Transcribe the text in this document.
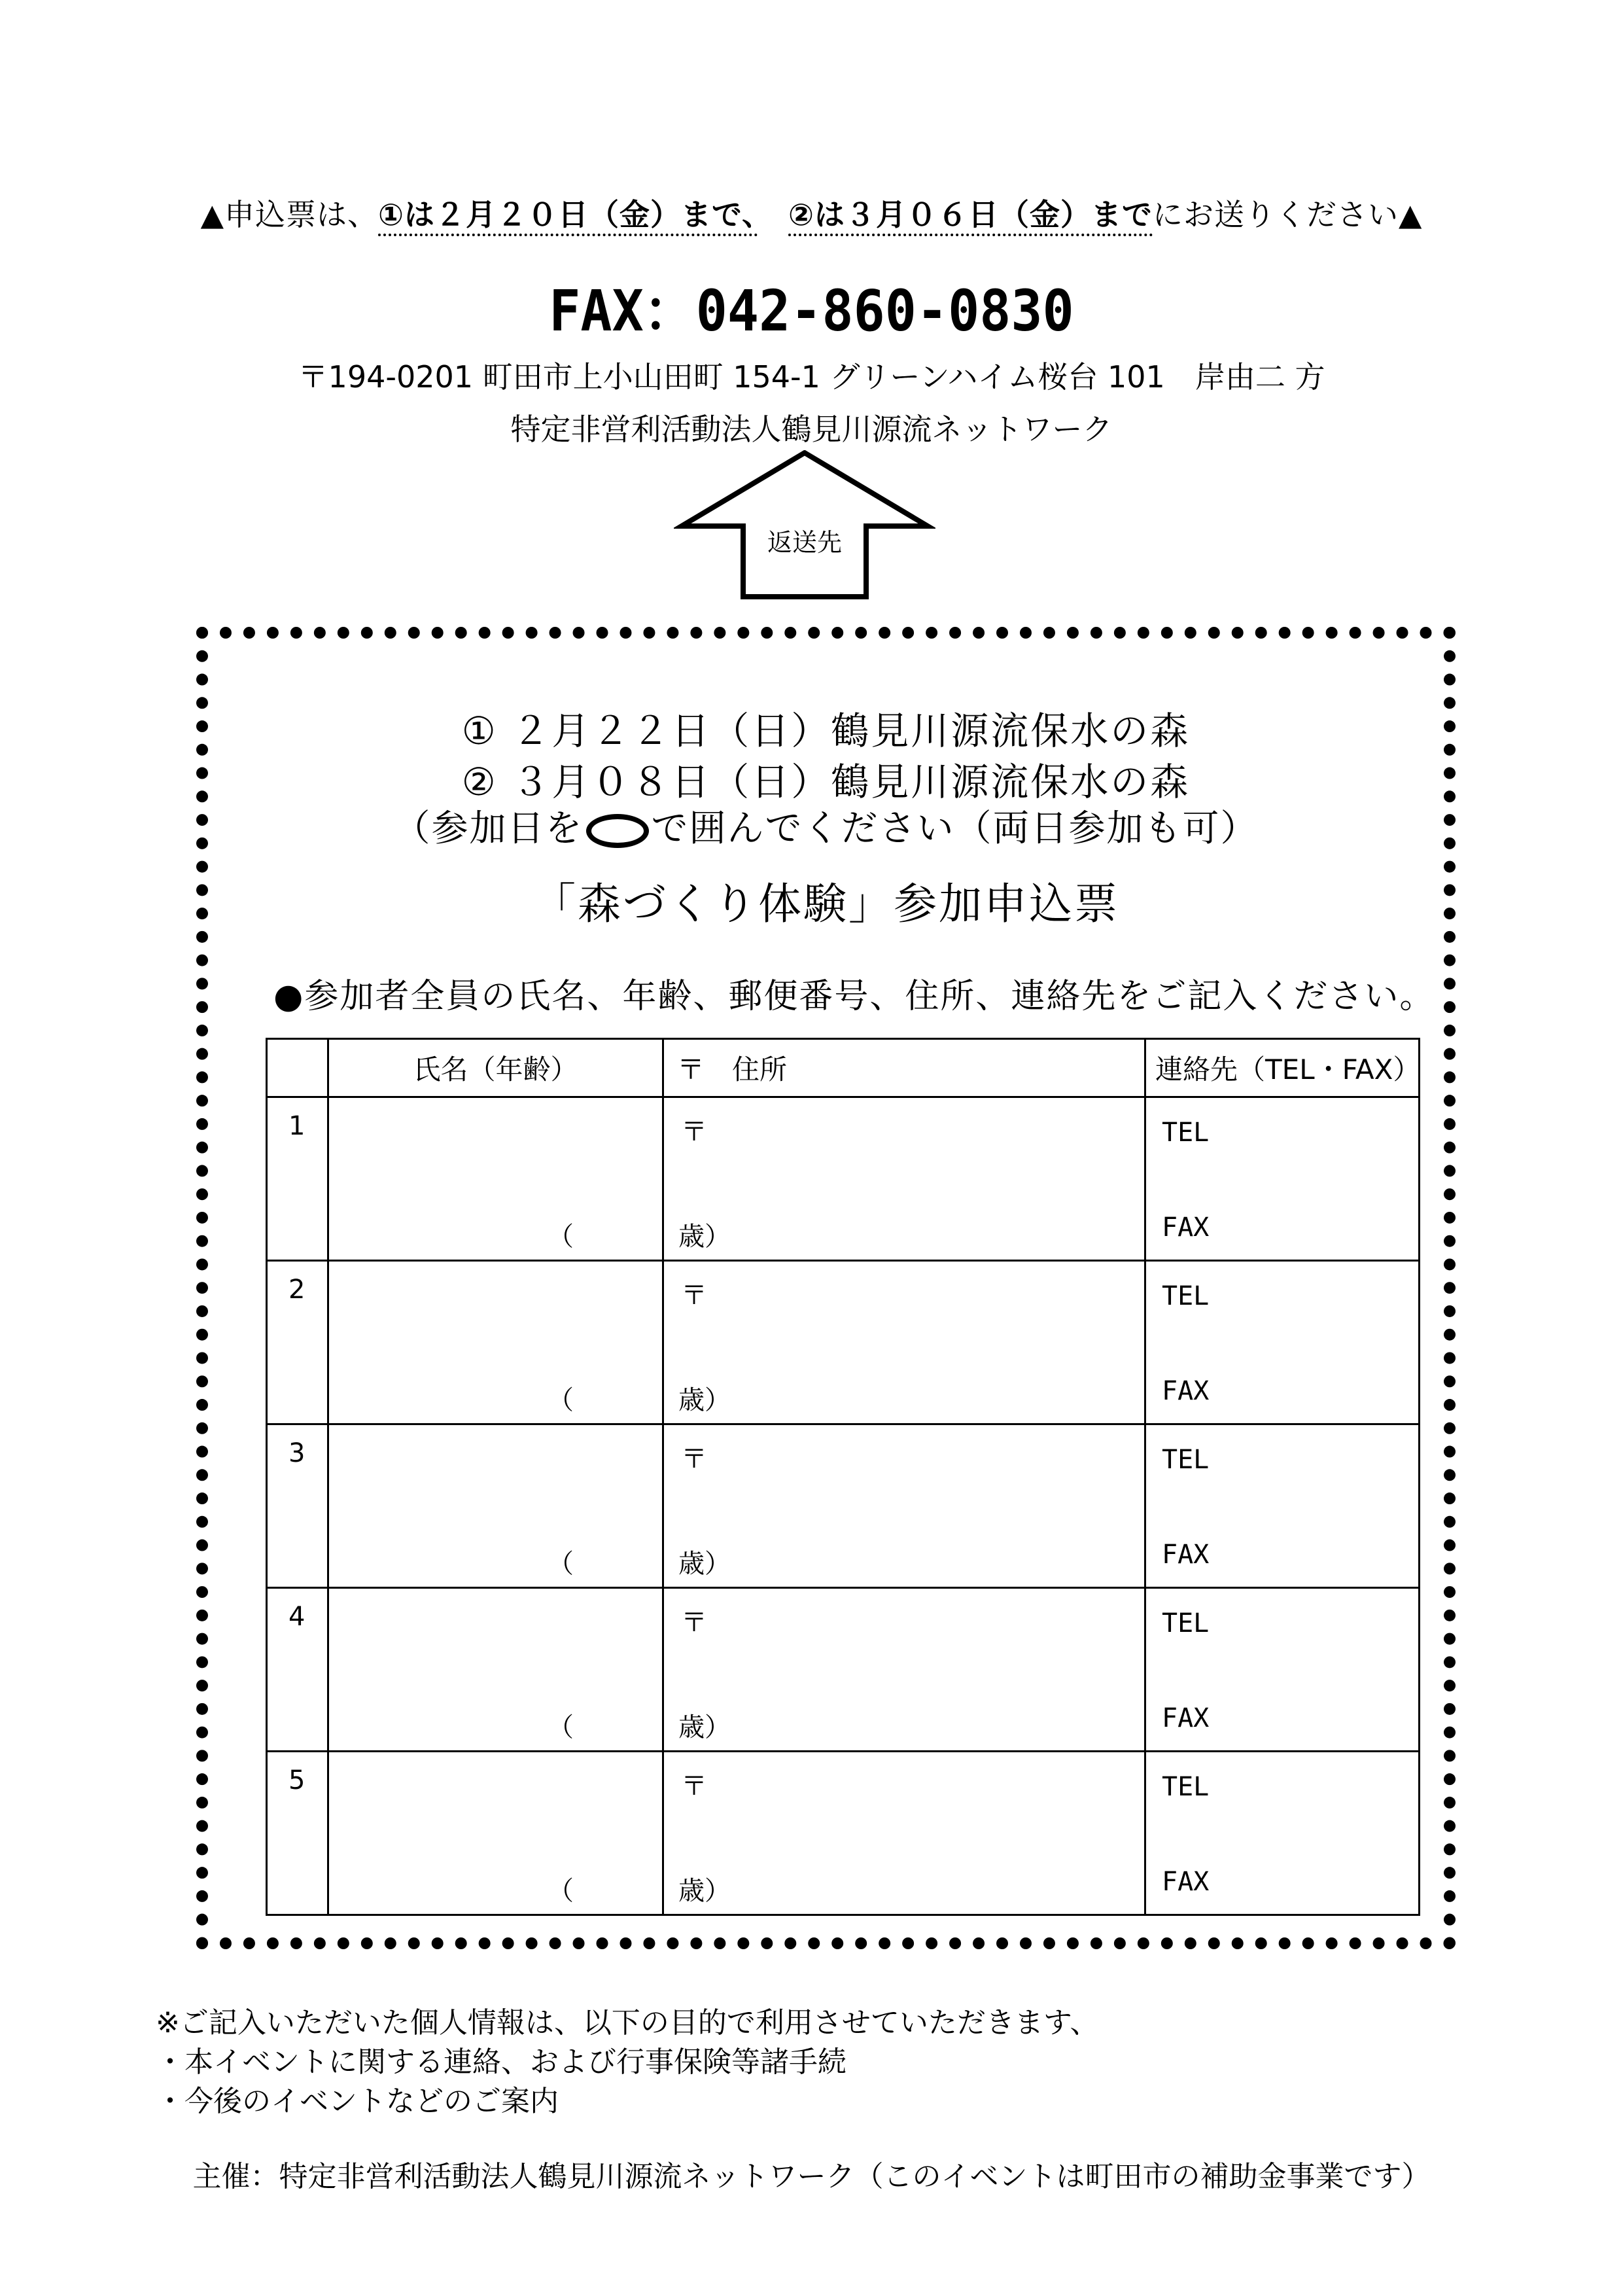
▲申込票は、①は２月２０日（金）まで、　 ②は３月０６日（金）までにお送りください▲
FAX：042-860-0830
〒194-0201 町田市上小山田町 154-1 グリーンハイム桜台 101　岸由二 方
特定非営利活動法人鶴見川源流ネットワーク
返送先
① ２月２２日（日）鶴見川源流保水の森
② ３月０８日（日）鶴見川源流保水の森
（参加日を で囲んでください（両日参加も可）
「森づくり体験」参加申込票
●参加者全員の氏名、年齢、郵便番号、住所、連絡先をご記入ください。
	氏名（年齢）	〒　住所	連絡先（TEL・FAX）

1	（　　　　歳）	〒	TEL
FAX

2	（　　　　歳）	〒	TEL
FAX

3	（　　　　歳）	〒	TEL
FAX

4	（　　　　歳）	〒	TEL
FAX

5	（　　　　歳）	〒	TEL
FAX
※ご記入いただいた個人情報は、以下の目的で利用させていただきます、
・本イベントに関する連絡、および行事保険等諸手続
・今後のイベントなどのご案内
主催：特定非営利活動法人鶴見川源流ネットワーク（このイベントは町田市の補助金事業です）
